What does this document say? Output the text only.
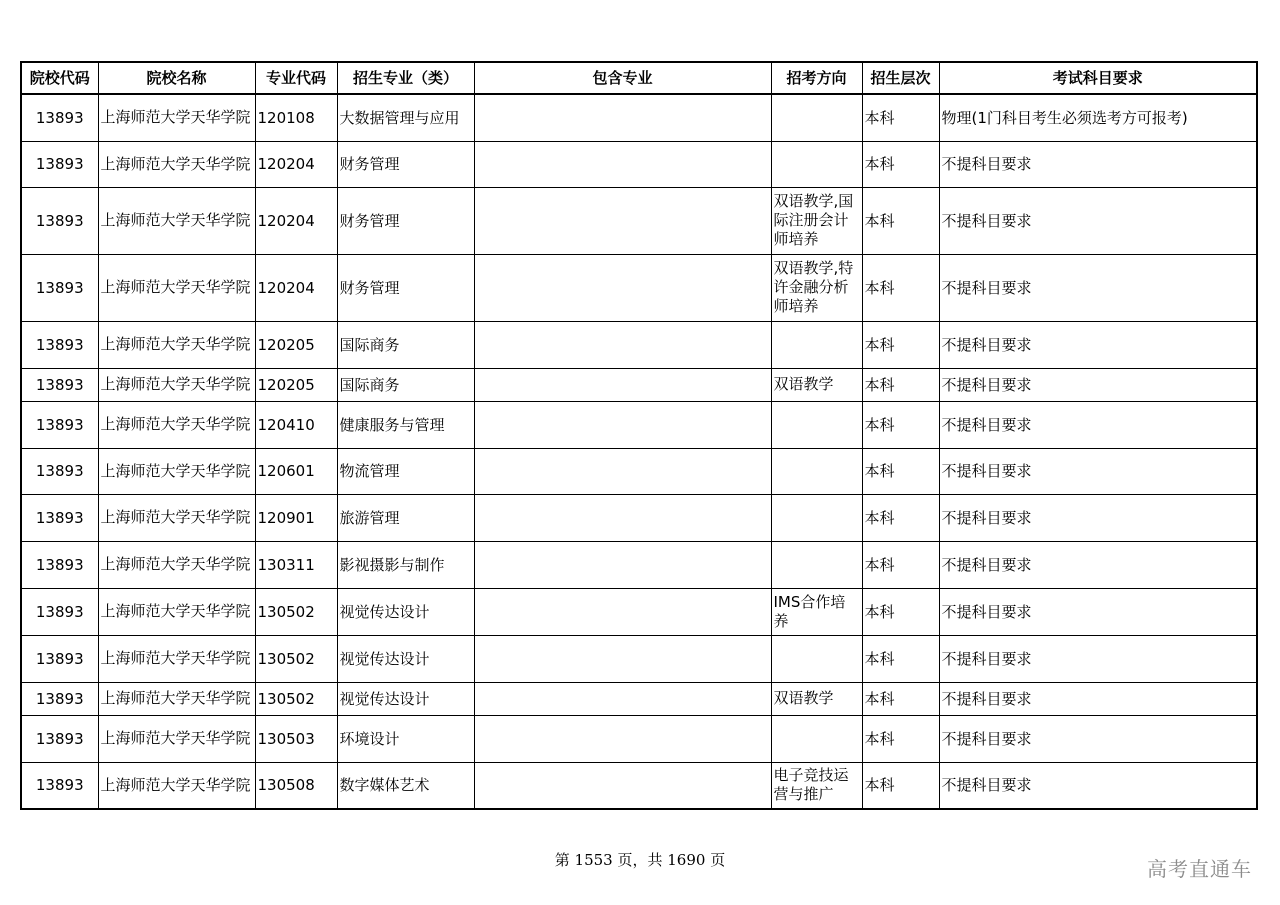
院校代码	院校名称	专业代码	招生专业（类）	包含专业	招考方向	招生层次	考试科目要求
13893	上海师范大学天华学院	120108	大数据管理与应用			本科	物理(1门科目考生必须选考方可报考)
13893	上海师范大学天华学院	120204	财务管理			本科	不提科目要求
13893	上海师范大学天华学院	120204	财务管理		双语教学,国际注册会计师培养	本科	不提科目要求
13893	上海师范大学天华学院	120204	财务管理		双语教学,特许金融分析师培养	本科	不提科目要求
13893	上海师范大学天华学院	120205	国际商务			本科	不提科目要求
13893	上海师范大学天华学院	120205	国际商务		双语教学	本科	不提科目要求
13893	上海师范大学天华学院	120410	健康服务与管理			本科	不提科目要求
13893	上海师范大学天华学院	120601	物流管理			本科	不提科目要求
13893	上海师范大学天华学院	120901	旅游管理			本科	不提科目要求
13893	上海师范大学天华学院	130311	影视摄影与制作			本科	不提科目要求
13893	上海师范大学天华学院	130502	视觉传达设计		IMS合作培养	本科	不提科目要求
13893	上海师范大学天华学院	130502	视觉传达设计			本科	不提科目要求
13893	上海师范大学天华学院	130502	视觉传达设计		双语教学	本科	不提科目要求
13893	上海师范大学天华学院	130503	环境设计			本科	不提科目要求
13893	上海师范大学天华学院	130508	数字媒体艺术		电子竞技运营与推广	本科	不提科目要求
第 1553 页，共 1690 页	高考直通车
